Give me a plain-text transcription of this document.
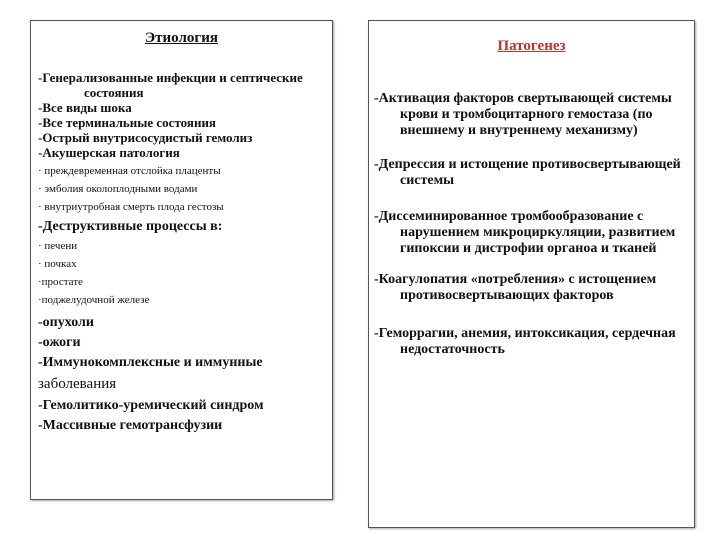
Этиология
-Генерализованные инфекции и септические состояния
-Все виды шока
-Все терминальные состояния
-Острый внутрисосудистый гемолиз
-Акушерская патология
· преждевременная отслойка плаценты
· эмболия околоплодными водами
· внутриутробная смерть плода гестозы
-Деструктивные процессы в:
· печени
· почках
·простате
·поджелудочной железе
-опухоли
-ожоги
-Иммунокомплексные и иммунные
заболевания
-Гемолитико-уремический синдром
-Массивные гемотрансфузии
Патогенез
-Активация факторов свертывающей системы крови и тромбоцитарного гемостаза (по внешнему и внутреннему механизму)
-Депрессия и истощение противосвертывающей системы
-Диссеминированное тромбообразование с нарушением микроциркуляции, развитием гипоксии и дистрофии органоа и тканей
-Коагулопатия «потребления» с истощением противосвертывающих факторов
-Геморрагии, анемия, интоксикация, сердечная недостаточность
